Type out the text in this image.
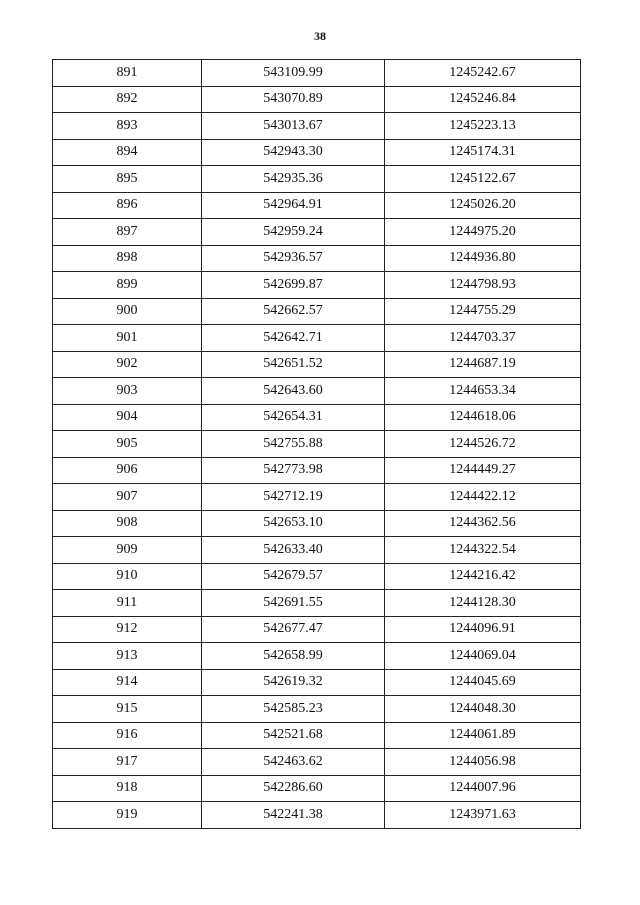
38
891	543109.99	1245242.67
892	543070.89	1245246.84
893	543013.67	1245223.13
894	542943.30	1245174.31
895	542935.36	1245122.67
896	542964.91	1245026.20
897	542959.24	1244975.20
898	542936.57	1244936.80
899	542699.87	1244798.93
900	542662.57	1244755.29
901	542642.71	1244703.37
902	542651.52	1244687.19
903	542643.60	1244653.34
904	542654.31	1244618.06
905	542755.88	1244526.72
906	542773.98	1244449.27
907	542712.19	1244422.12
908	542653.10	1244362.56
909	542633.40	1244322.54
910	542679.57	1244216.42
911	542691.55	1244128.30
912	542677.47	1244096.91
913	542658.99	1244069.04
914	542619.32	1244045.69
915	542585.23	1244048.30
916	542521.68	1244061.89
917	542463.62	1244056.98
918	542286.60	1244007.96
919	542241.38	1243971.63
